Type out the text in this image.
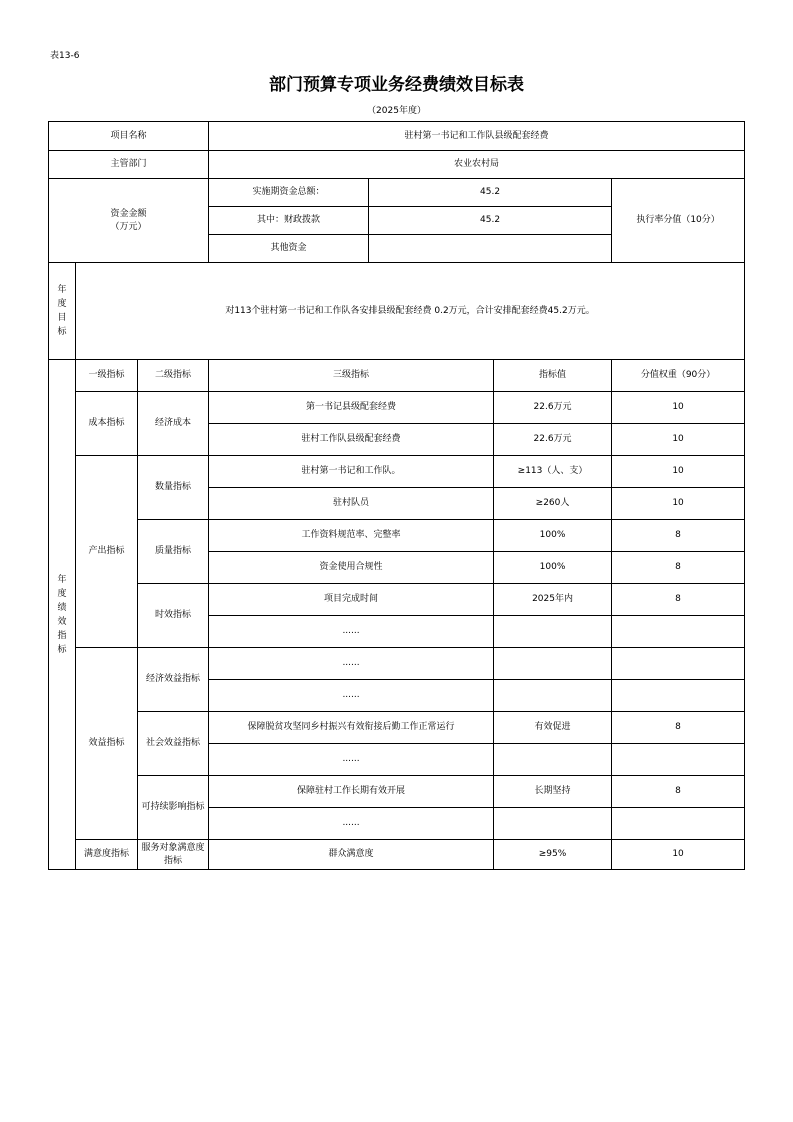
表13-6
部门预算专项业务经费绩效目标表
（2025年度）
项目名称			驻村第一书记和工作队县级配套经费			
主管部门			农业农村局			

资金金额
（万元）			实施期资金总额：	45.2		执行率分值（10分）
			其中：财政拨款	45.2		
			其他资金			
年度目标	对113个驻村第一书记和工作队各安排县级配套经费 0.2万元，合计安排配套经费45.2万元。					
年度绩效指标	一级指标	二级指标	三级指标		指标值	分值权重（90分）
	成本指标	经济成本	第一书记县级配套经费		22.6万元	10
			驻村工作队县级配套经费		22.6万元	10
	产出指标	数量指标	驻村第一书记和工作队。		≥113（人、支）	10
			驻村队员		≥260人	10
		质量指标	工作资料规范率、完整率		100%	8
			资金使用合规性		100%	8
		时效指标	项目完成时间		2025年内	8
			......			
	效益指标	经济效益指标	......			
			......			
		社会效益指标	保障脱贫攻坚同乡村振兴有效衔接后勤工作正常运行		有效促进	8
			......			
		可持续影响指标	保障驻村工作长期有效开展		长期坚持	8
			......			
	满意度指标	服务对象满意度指标	群众满意度		≥95%	10
